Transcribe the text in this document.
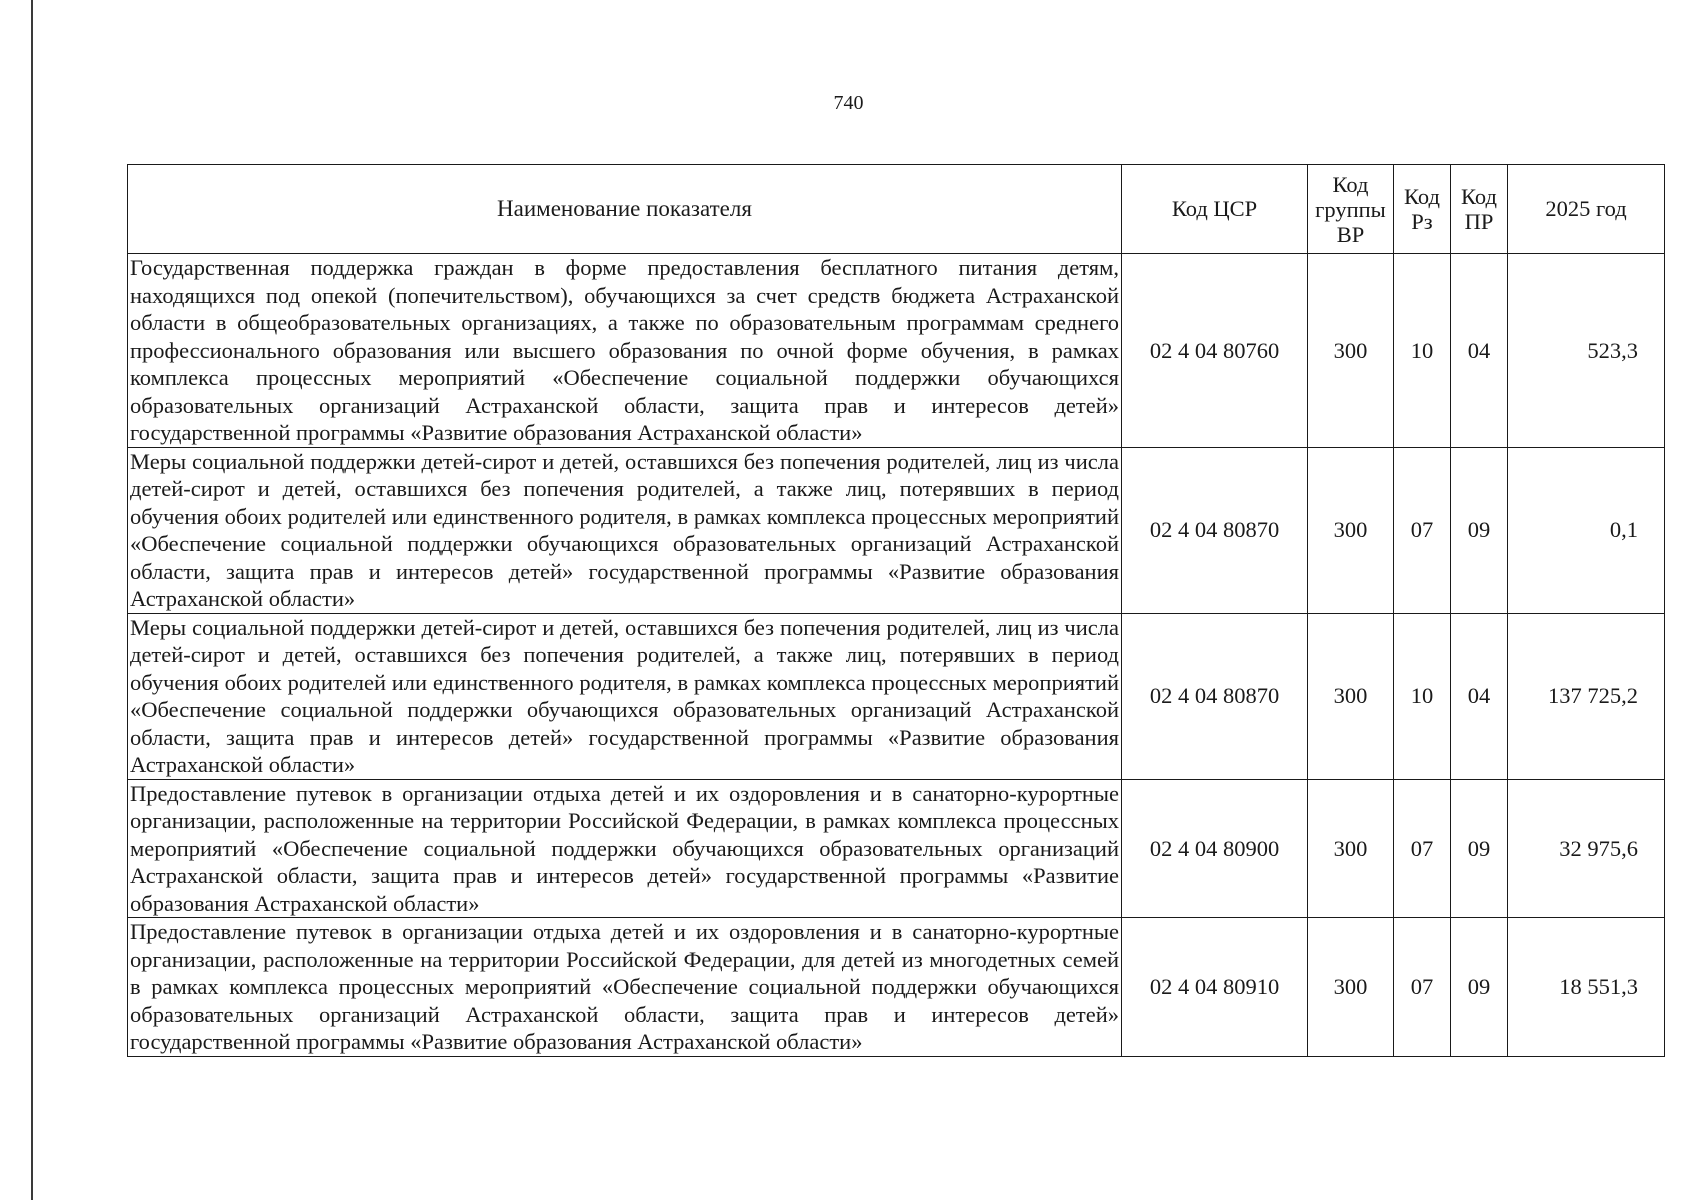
740
Наименование показателя	Код ЦСР	Код группы ВР	Код Рз	Код ПР	2025 год
Государственная поддержка граждан в форме предоставления бесплатного питания детям, находящихся под опекой (попечительством), обучающихся за счет средств бюджета Астраханской области в общеобразовательных организациях, а также по образовательным программам среднего профессионального образования или высшего образования по очной форме обучения, в рамках комплекса процессных мероприятий «Обеспечение социальной поддержки обучающихся образовательных организаций Астраханской области, защита прав и интересов детей» государственной программы «Развитие образования Астраханской области»	02 4 04 80760	300	10	04	523,3
Меры социальной поддержки детей-сирот и детей, оставшихся без попечения родителей, лиц из числа детей-сирот и детей, оставшихся без попечения родителей, а также лиц, потерявших в период обучения обоих родителей или единственного родителя, в рамках комплекса процессных мероприятий «Обеспечение социальной поддержки обучающихся образовательных организаций Астраханской области, защита прав и интересов детей» государственной программы «Развитие образования Астраханской области»	02 4 04 80870	300	07	09	0,1
Меры социальной поддержки детей-сирот и детей, оставшихся без попечения родителей, лиц из числа детей-сирот и детей, оставшихся без попечения родителей, а также лиц, потерявших в период обучения обоих родителей или единственного родителя, в рамках комплекса процессных мероприятий «Обеспечение социальной поддержки обучающихся образовательных организаций Астраханской области, защита прав и интересов детей» государственной программы «Развитие образования Астраханской области»	02 4 04 80870	300	10	04	137 725,2
Предоставление путевок в организации отдыха детей и их оздоровления и в санаторно-курортные организации, расположенные на территории Российской Федерации, в рамках комплекса процессных мероприятий «Обеспечение социальной поддержки обучающихся образовательных организаций Астраханской области, защита прав и интересов детей» государственной программы «Развитие образования Астраханской области»	02 4 04 80900	300	07	09	32 975,6
Предоставление путевок в организации отдыха детей и их оздоровления и в санаторно-курортные организации, расположенные на территории Российской Федерации, для детей из многодетных семей в рамках комплекса процессных мероприятий «Обеспечение социальной поддержки обучающихся образовательных организаций Астраханской области, защита прав и интересов детей» государственной программы «Развитие образования Астраханской области»	02 4 04 80910	300	07	09	18 551,3
